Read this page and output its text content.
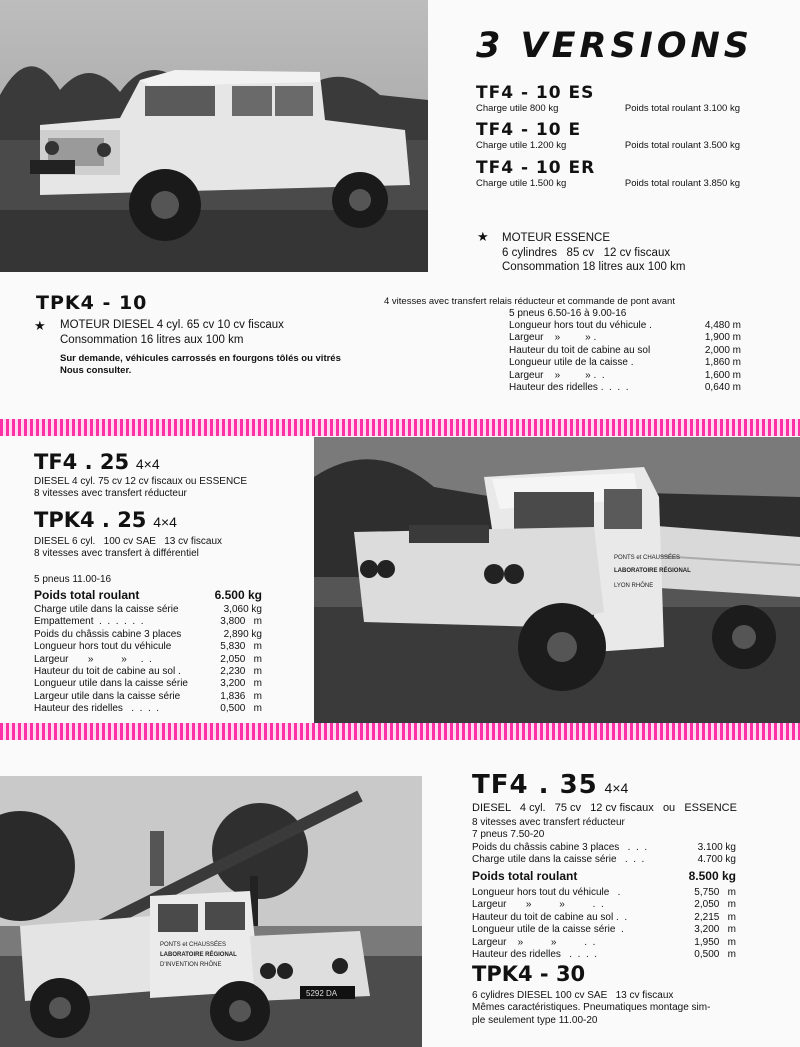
3 VERSIONS
TF4 - 10 ES
Charge utile 800 kg	Poids total roulant 3.100 kg
TF4 - 10 E
Charge utile 1.200 kg	Poids total roulant 3.500 kg
TF4 - 10 ER
Charge utile 1.500 kg	Poids total roulant 3.850 kg
★ MOTEUR ESSENCE
6 cylindres   85 cv   12 cv fiscaux
Consommation 18 litres aux 100 km
TPK4 - 10
★ MOTEUR DIESEL 4 cyl. 65 cv 10 cv fiscaux
Consommation 16 litres aux 100 km
Sur demande, véhicules carrossés en fourgons tôlés ou vitrés
Nous consulter.
4 vitesses avec transfert relais réducteur et commande de pont avant
5 pneus 6.50-16 à 9.00-16
Longueur hors tout du véhicule .	4,480 m
Largeur    »         » .	1,900 m
Hauteur du toit de cabine au sol	2,000 m
Longueur utile de la caisse .	1,860 m
Largeur    »         » .  .	1,600 m
Hauteur des ridelles .  .  .  .	0,640 m
TF4 . 25 4×4
DIESEL 4 cyl. 75 cv 12 cv fiscaux ou ESSENCE
8 vitesses avec transfert réducteur
TPK4 . 25 4×4
DIESEL 6 cyl.   100 cv SAE   13 cv fiscaux
8 vitesses avec transfert à différentiel
5 pneus 11.00-16
Poids total roulant	6.500 kg
Charge utile dans la caisse série	3,060 kg
Empattement  .  .  .  .  .  .	3,800   m
Poids du châssis cabine 3 places	2,890 kg
Longueur hors tout du véhicule	5,830   m
Largeur       »          »     .  .	2,050   m
Hauteur du toit de cabine au sol .	2,230   m
Longueur utile dans la caisse série	3,200   m
Largeur utile dans la caisse série	1,836   m
Hauteur des ridelles   .  .  .  .	0,500   m
PONTS et CHAUSSÉES
LABORATOIRE RÉGIONAL
LYON RHÔNE
5292 DA
PONTS et CHAUSSÉES
LABORATOIRE RÉGIONAL
D'INVENTION RHÔNE
TF4 . 35 4×4
DIESEL   4 cyl.   75 cv   12 cv fiscaux   ou   ESSENCE
8 vitesses avec transfert réducteur
7 pneus 7.50-20
Poids du châssis cabine 3 places   .  .  .	3.100 kg
Charge utile dans la caisse série   .  .  .	4.700 kg
Poids total roulant	8.500 kg
Longueur hors tout du véhicule   .	5,750   m
Largeur       »          »          .  .	2,050   m
Hauteur du toit de cabine au sol .  .	2,215   m
Longueur utile de la caisse série  .	3,200   m
Largeur    »          »          .  .	1,950   m
Hauteur des ridelles   .  .  .  .	0,500   m
TPK4 - 30
6 cylidres DIESEL 100 cv SAE   13 cv fiscaux
Mêmes caractéristiques. Pneumatiques montage sim-
ple seulement type 11.00-20
